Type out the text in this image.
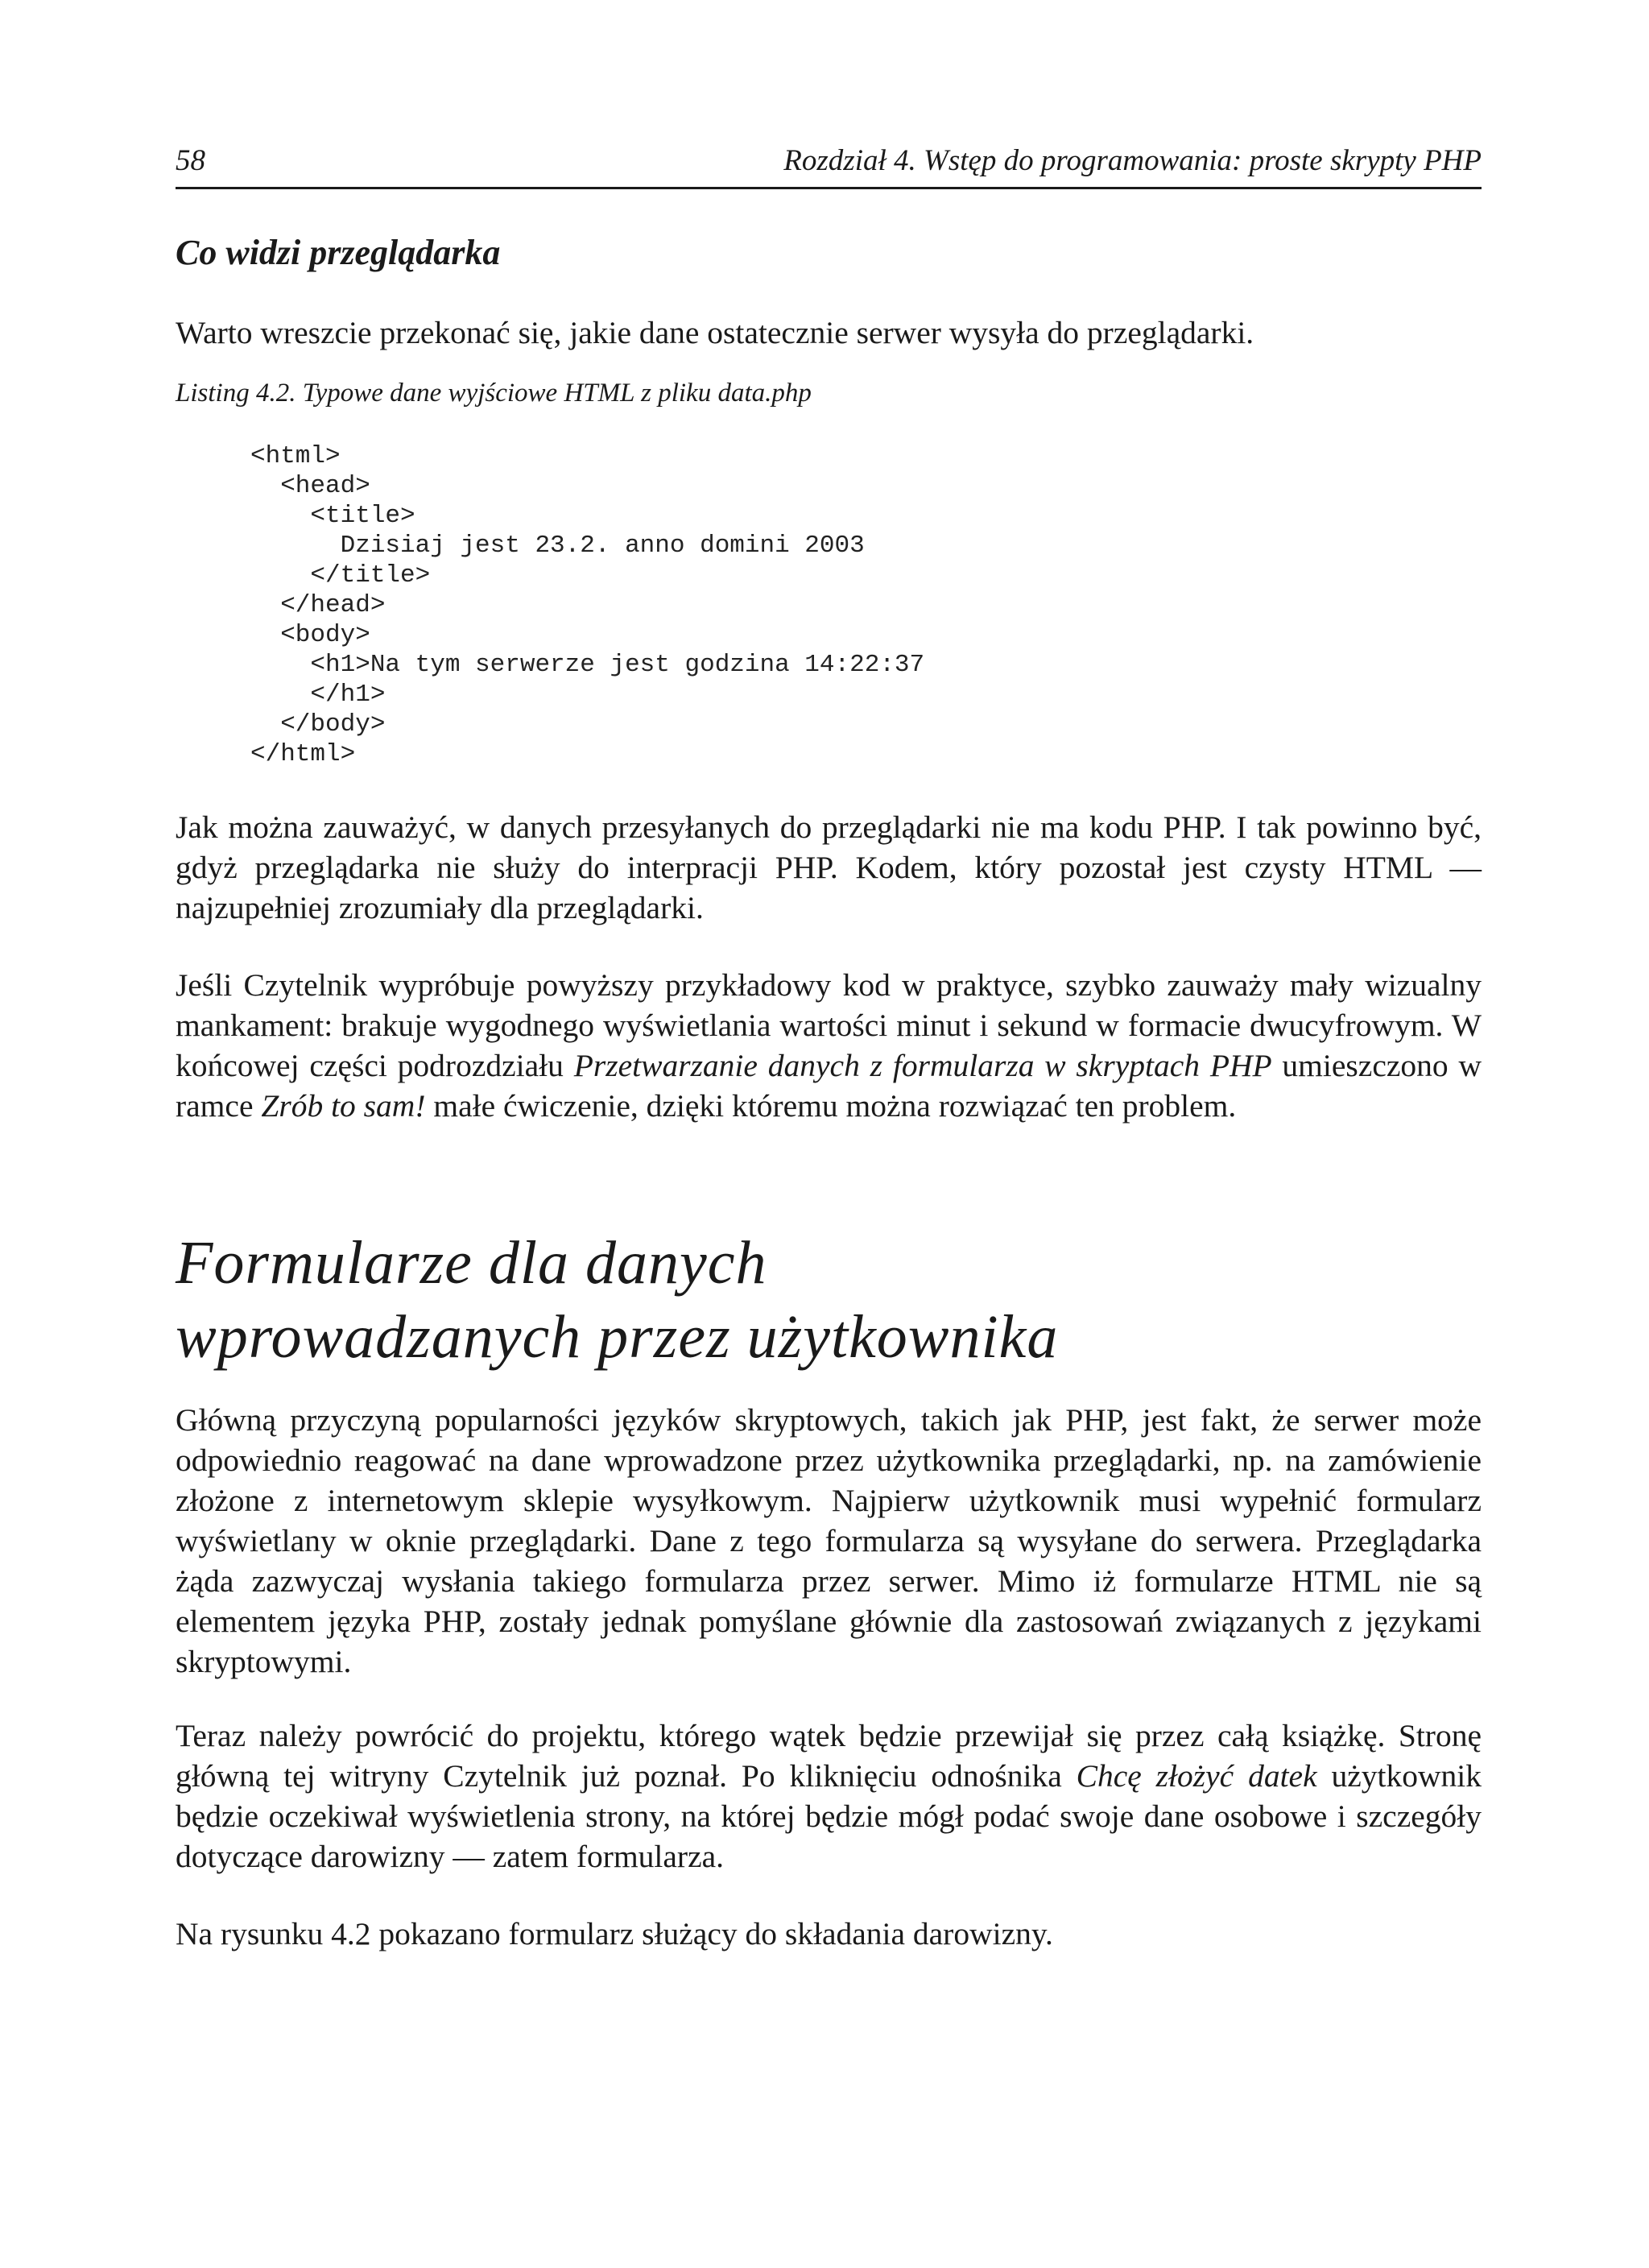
58	Rozdział 4. Wstęp do programowania: proste skrypty PHP
Co widzi przeglądarka

Warto wreszcie przekonać się, jakie dane ostatecznie serwer wysyła do przeglądarki.

Listing 4.2. Typowe dane wyjściowe HTML z pliku data.php

<html>
<head>
<title>
Dzisiaj jest 23.2. anno domini 2003
</title>
</head>
<body>
<h1>Na tym serwerze jest godzina 14:22:37
</h1>
</body>
</html>

Jak można zauważyć, w danych przesyłanych do przeglądarki nie ma kodu PHP. I tak powinno być, gdyż przeglądarka nie służy do interpracji PHP. Kodem, który pozostał jest czysty HTML — najzupełniej zrozumiały dla przeglądarki.

Jeśli Czytelnik wypróbuje powyższy przykładowy kod w praktyce, szybko zauważy mały wizualny mankament: brakuje wygodnego wyświetlania wartości minut i sekund w formacie dwucyfrowym. W końcowej części podrozdziału Przetwarzanie danych z formularza w skryptach PHP umieszczono w ramce Zrób to sam! małe ćwiczenie, dzięki któremu można rozwiązać ten problem.

Formularze dla danych
wprowadzanych przez użytkownika

Główną przyczyną popularności języków skryptowych, takich jak PHP, jest fakt, że serwer może odpowiednio reagować na dane wprowadzone przez użytkownika przeglądarki, np. na zamówienie złożone z internetowym sklepie wysyłkowym. Najpierw użytkownik musi wypełnić formularz wyświetlany w oknie przeglądarki. Dane z tego formularza są wysyłane do serwera. Przeglądarka żąda zazwyczaj wysłania takiego formularza przez serwer. Mimo iż formularze HTML nie są elementem języka PHP, zostały jednak pomyślane głównie dla zastosowań związanych z językami skryptowymi.

Teraz należy powrócić do projektu, którego wątek będzie przewijał się przez całą książkę. Stronę główną tej witryny Czytelnik już poznał. Po kliknięciu odnośnika Chcę złożyć datek użytkownik będzie oczekiwał wyświetlenia strony, na której będzie mógł podać swoje dane osobowe i szczegóły dotyczące darowizny — zatem formularza.

Na rysunku 4.2 pokazano formularz służący do składania darowizny.
